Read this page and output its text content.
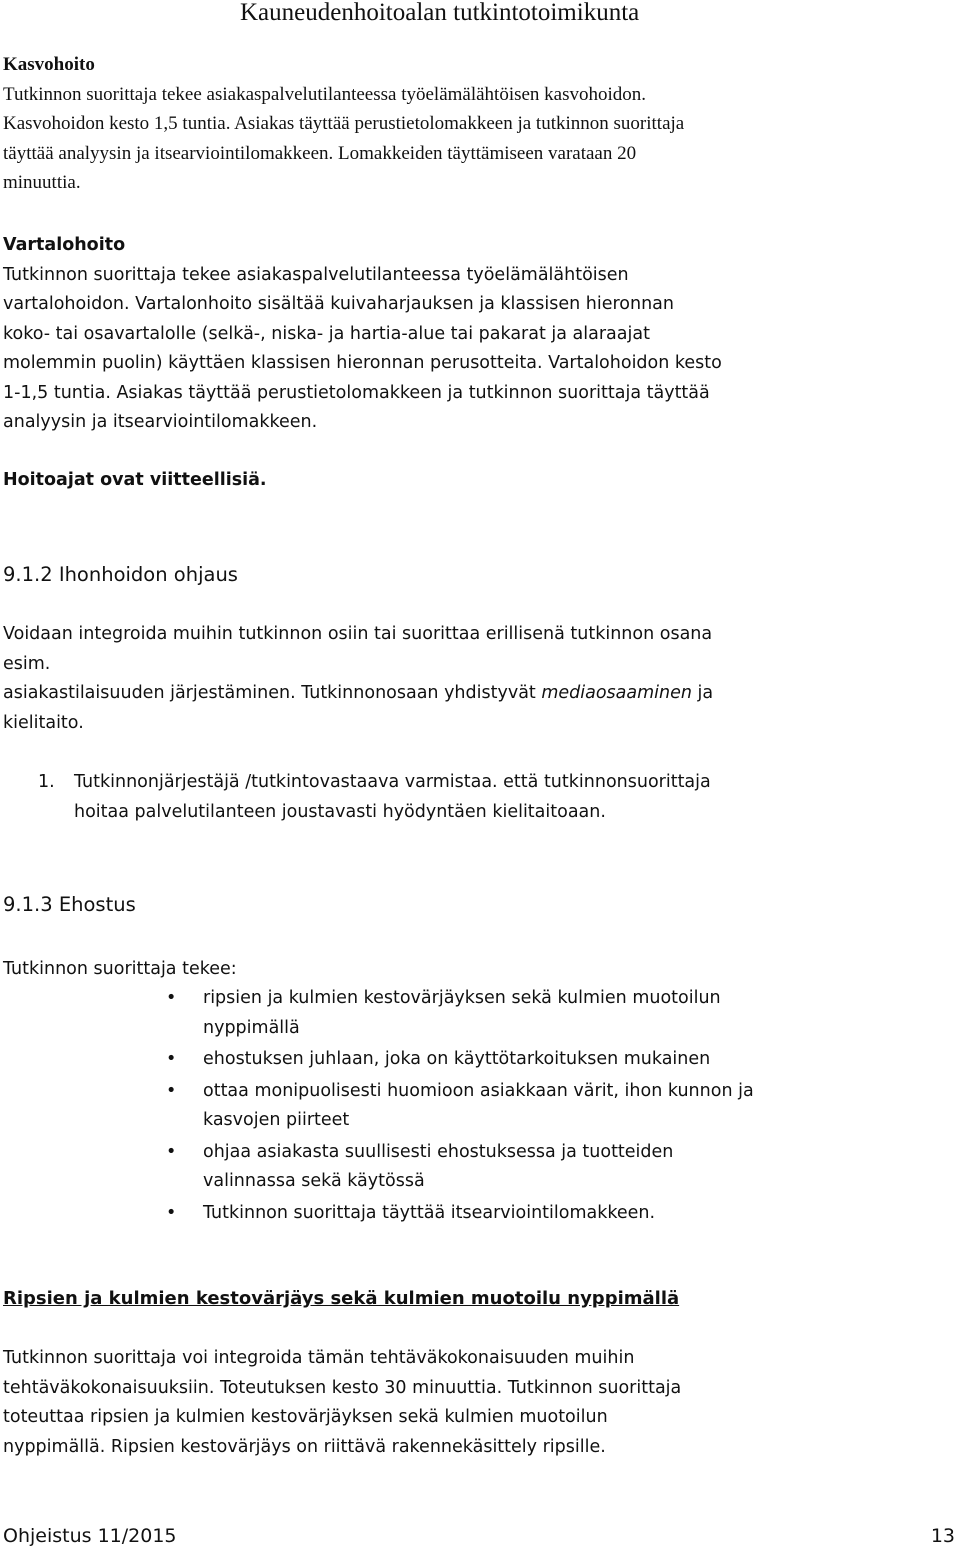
Kauneudenhoitoalan tutkintotoimikunta
Kasvohoito
Tutkinnon suorittaja tekee asiakaspalvelutilanteessa työelämälähtöisen kasvohoidon.
Kasvohoidon kesto 1,5 tuntia. Asiakas täyttää perustietolomakkeen ja tutkinnon suorittaja
täyttää analyysin ja itsearviointilomakkeen. Lomakkeiden täyttämiseen varataan 20
minuuttia.
Vartalohoito
Tutkinnon suorittaja tekee asiakaspalvelutilanteessa työelämälähtöisen
vartalohoidon. Vartalonhoito sisältää kuivaharjauksen ja klassisen hieronnan
koko- tai osavartalolle (selkä-, niska- ja hartia-alue tai pakarat ja alaraajat
molemmin puolin) käyttäen klassisen hieronnan perusotteita. Vartalohoidon kesto
1-1,5 tuntia. Asiakas täyttää perustietolomakkeen ja tutkinnon suorittaja täyttää
analyysin ja itsearviointilomakkeen.
Hoitoajat ovat viitteellisiä.
9.1.2 Ihonhoidon ohjaus
Voidaan integroida muihin tutkinnon osiin tai suorittaa erillisenä tutkinnon osana
esim.
asiakastilaisuuden järjestäminen. Tutkinnonosaan yhdistyvät mediaosaaminen ja
kielitaito.
1. Tutkinnonjärjestäjä /tutkintovastaava varmistaa. että tutkinnonsuorittaja
hoitaa palvelutilanteen joustavasti hyödyntäen kielitaitoaan.
9.1.3 Ehostus
Tutkinnon suorittaja tekee:
• ripsien ja kulmien kestovärjäyksen sekä kulmien muotoilun
nyppimällä
• ehostuksen juhlaan, joka on käyttötarkoituksen mukainen
• ottaa monipuolisesti huomioon asiakkaan värit, ihon kunnon ja
kasvojen piirteet
• ohjaa asiakasta suullisesti ehostuksessa ja tuotteiden
valinnassa sekä käytössä
• Tutkinnon suorittaja täyttää itsearviointilomakkeen.
Ripsien ja kulmien kestovärjäys sekä kulmien muotoilu nyppimällä
Tutkinnon suorittaja voi integroida tämän tehtäväkokonaisuuden muihin
tehtäväkokonaisuuksiin. Toteutuksen kesto 30 minuuttia. Tutkinnon suorittaja
toteuttaa ripsien ja kulmien kestovärjäyksen sekä kulmien muotoilun
nyppimällä. Ripsien kestovärjäys on riittävä rakennekäsittely ripsille.
Ohjeistus 11/2015	13
